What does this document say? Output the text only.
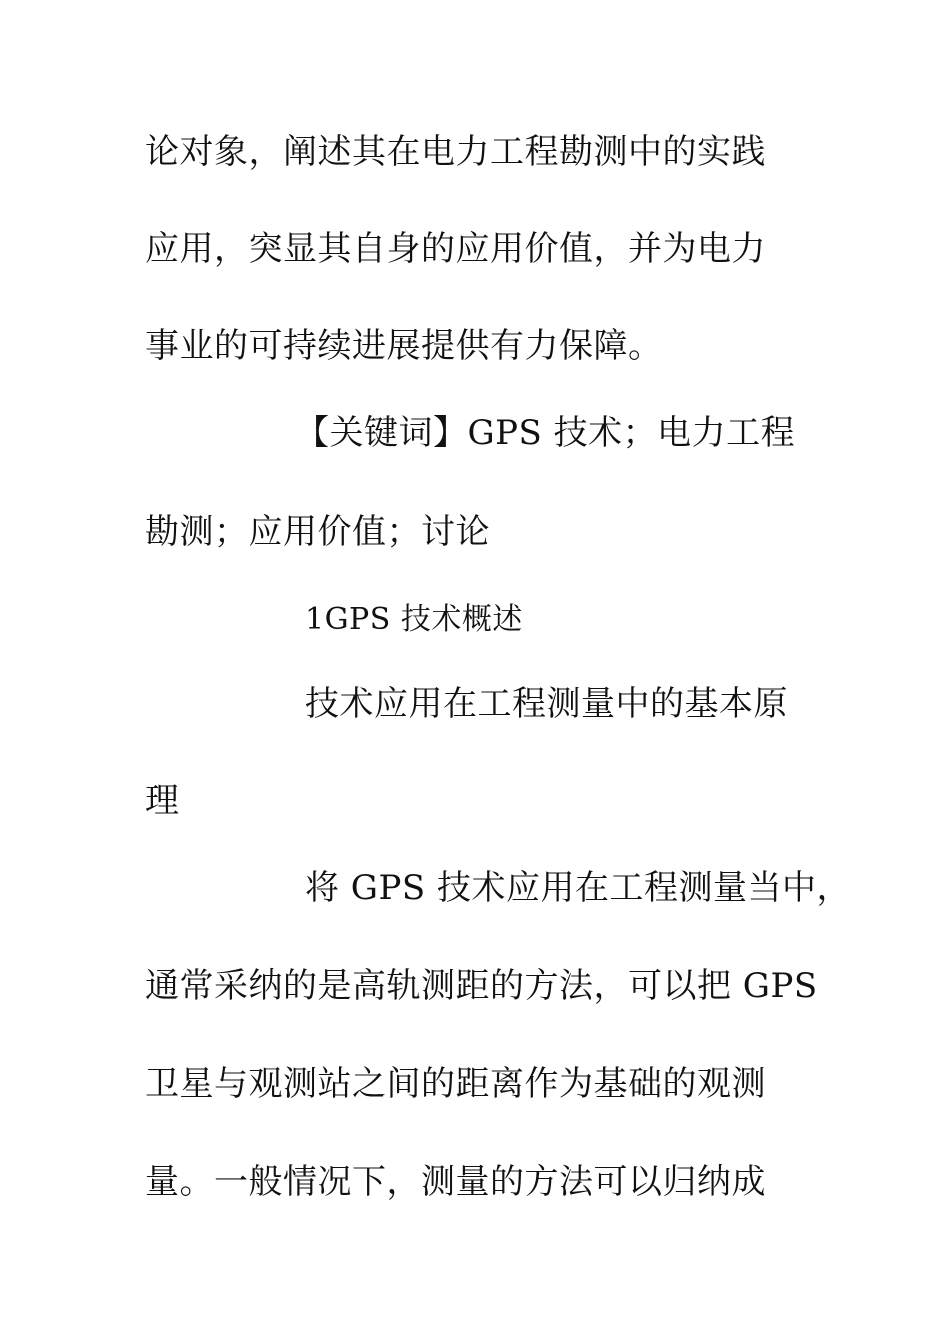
论对象，阐述其在电力工程勘测中的实践
应用，突显其自身的应用价值，并为电力
事业的可持续进展提供有力保障。
【关键词】GPS 技术；电力工程
勘测；应用价值；讨论
1GPS 技术概述
技术应用在工程测量中的基本原
理
将 GPS 技术应用在工程测量当中，
通常采纳的是高轨测距的方法，可以把 GPS
卫星与观测站之间的距离作为基础的观测
量。一般情况下，测量的方法可以归纳成
